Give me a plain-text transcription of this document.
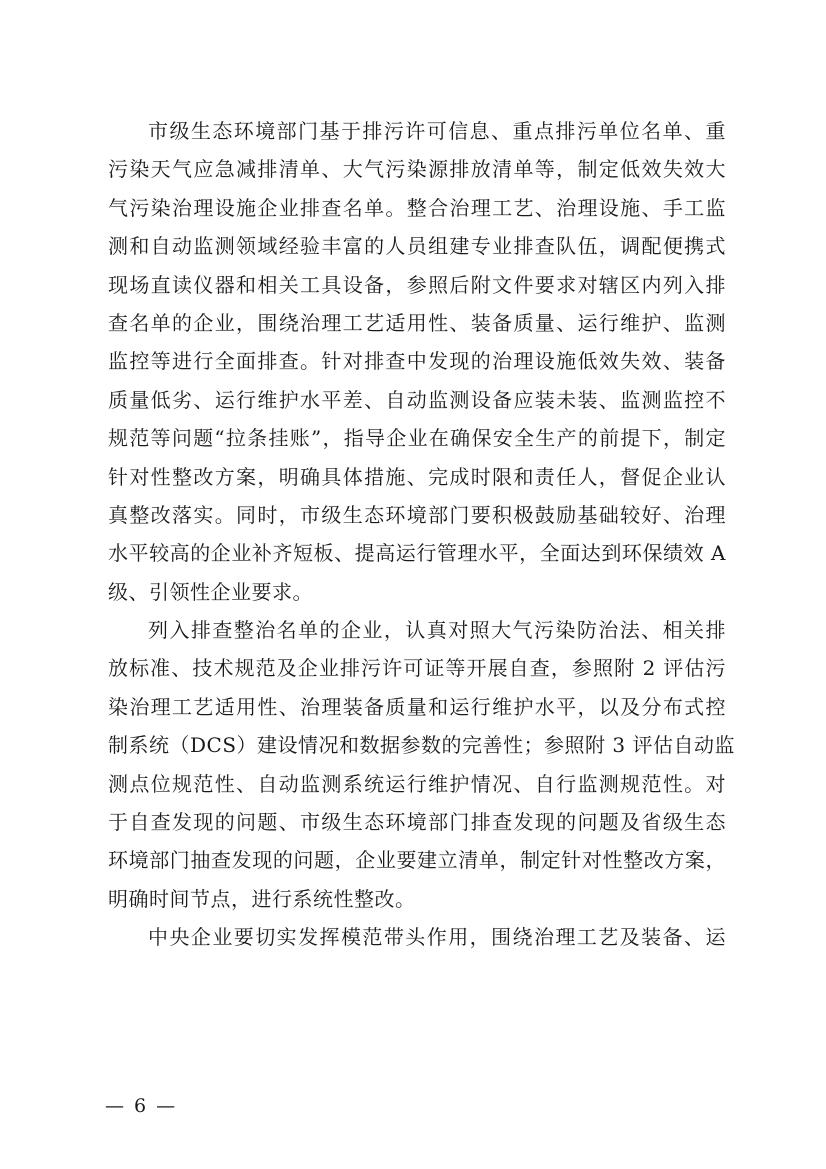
市级生态环境部门基于排污许可信息、重点排污单位名单、重
污染天气应急减排清单、大气污染源排放清单等，制定低效失效大
气污染治理设施企业排查名单。整合治理工艺、治理设施、手工监
测和自动监测领域经验丰富的人员组建专业排查队伍，调配便携式
现场直读仪器和相关工具设备，参照后附文件要求对辖区内列入排
查名单的企业，围绕治理工艺适用性、装备质量、运行维护、监测
监控等进行全面排查。针对排查中发现的治理设施低效失效、装备
质量低劣、运行维护水平差、自动监测设备应装未装、监测监控不
规范等问题“拉条挂账”，指导企业在确保安全生产的前提下，制定
针对性整改方案，明确具体措施、完成时限和责任人，督促企业认
真整改落实。同时，市级生态环境部门要积极鼓励基础较好、治理
水平较高的企业补齐短板、提高运行管理水平，全面达到环保绩效 A
级、引领性企业要求。
列入排查整治名单的企业，认真对照大气污染防治法、相关排
放标准、技术规范及企业排污许可证等开展自查，参照附 2 评估污
染治理工艺适用性、治理装备质量和运行维护水平，以及分布式控
制系统（DCS）建设情况和数据参数的完善性；参照附 3 评估自动监
测点位规范性、自动监测系统运行维护情况、自行监测规范性。对
于自查发现的问题、市级生态环境部门排查发现的问题及省级生态
环境部门抽查发现的问题，企业要建立清单，制定针对性整改方案，
明确时间节点，进行系统性整改。
中央企业要切实发挥模范带头作用，围绕治理工艺及装备、运
— 6 —
